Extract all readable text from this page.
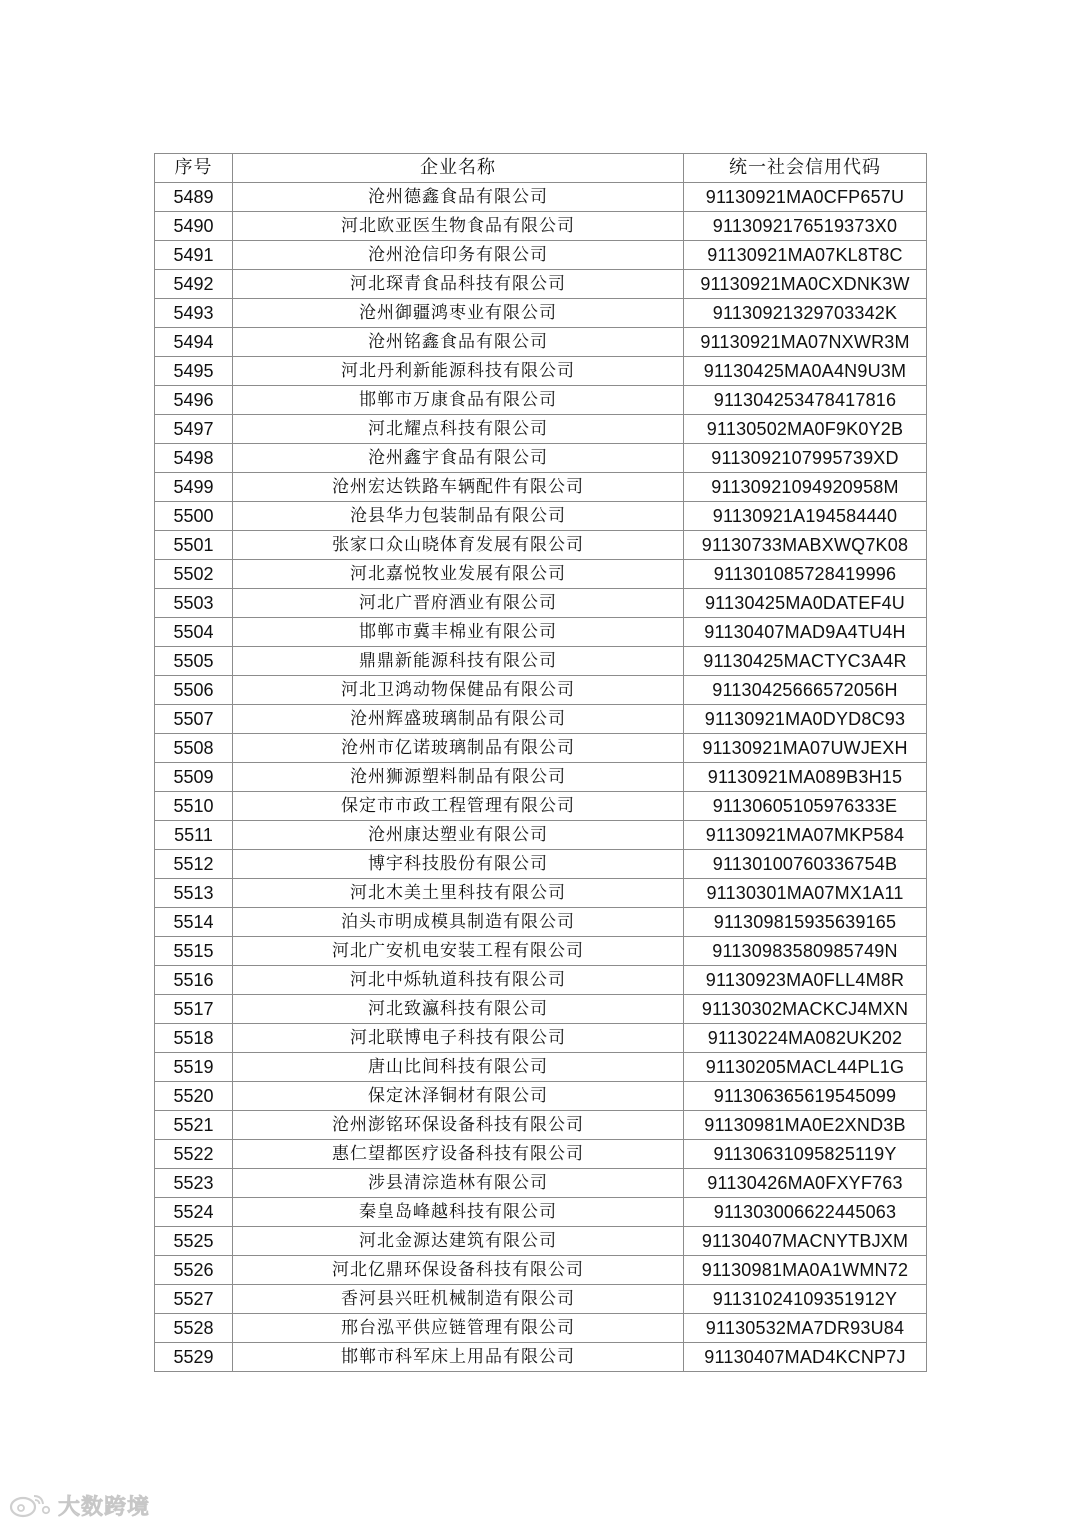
序号	企业名称	统一社会信用代码
5489	沧州德鑫食品有限公司	91130921MA0CFP657U
5490	河北欧亚医生物食品有限公司	9113092176519373X0
5491	沧州沧信印务有限公司	91130921MA07KL8T8C
5492	河北琛青食品科技有限公司	91130921MA0CXDNK3W
5493	沧州御疆鸿枣业有限公司	91130921329703342K
5494	沧州铭鑫食品有限公司	91130921MA07NXWR3M
5495	河北丹利新能源科技有限公司	91130425MA0A4N9U3M
5496	邯郸市万康食品有限公司	911304253478417816
5497	河北耀点科技有限公司	91130502MA0F9K0Y2B
5498	沧州鑫宇食品有限公司	9113092107995739XD
5499	沧州宏达铁路车辆配件有限公司	91130921094920958M
5500	沧县华力包装制品有限公司	91130921A194584440
5501	张家口众山晓体育发展有限公司	91130733MABXWQ7K08
5502	河北嘉悦牧业发展有限公司	911301085728419996
5503	河北广晋府酒业有限公司	91130425MA0DATEF4U
5504	邯郸市冀丰棉业有限公司	91130407MAD9A4TU4H
5505	鼎鼎新能源科技有限公司	91130425MACTYC3A4R
5506	河北卫鸿动物保健品有限公司	91130425666572056H
5507	沧州辉盛玻璃制品有限公司	91130921MA0DYD8C93
5508	沧州市亿诺玻璃制品有限公司	91130921MA07UWJEXH
5509	沧州狮源塑料制品有限公司	91130921MA089B3H15
5510	保定市市政工程管理有限公司	91130605105976333E
5511	沧州康达塑业有限公司	91130921MA07MKP584
5512	博宇科技股份有限公司	91130100760336754B
5513	河北木美土里科技有限公司	91130301MA07MX1A11
5514	泊头市明成模具制造有限公司	911309815935639165
5515	河北广安机电安装工程有限公司	91130983580985749N
5516	河北中烁轨道科技有限公司	91130923MA0FLL4M8R
5517	河北致瀛科技有限公司	91130302MACKCJ4MXN
5518	河北联博电子科技有限公司	91130224MA082UK202
5519	唐山比间科技有限公司	91130205MACL44PL1G
5520	保定沐泽铜材有限公司	911306365619545099
5521	沧州澎铭环保设备科技有限公司	91130981MA0E2XND3B
5522	惠仁望都医疗设备科技有限公司	9113063109582511​9Y
5523	涉县清淙造林有限公司	91130426MA0FXYF763
5524	秦皇岛峰越科技有限公司	911303006622445063
5525	河北金源达建筑有限公司	91130407MACNYTBJXM
5526	河北亿鼎环保设备科技有限公司	91130981MA0A1WMN72
5527	香河县兴旺机械制造有限公司	9113102410935191​2Y
5528	邢台泓平供应链管理有限公司	91130532MA7DR93U84
5529	邯郸市科军床上用品有限公司	91130407MAD4KCNP7J
大数跨境
